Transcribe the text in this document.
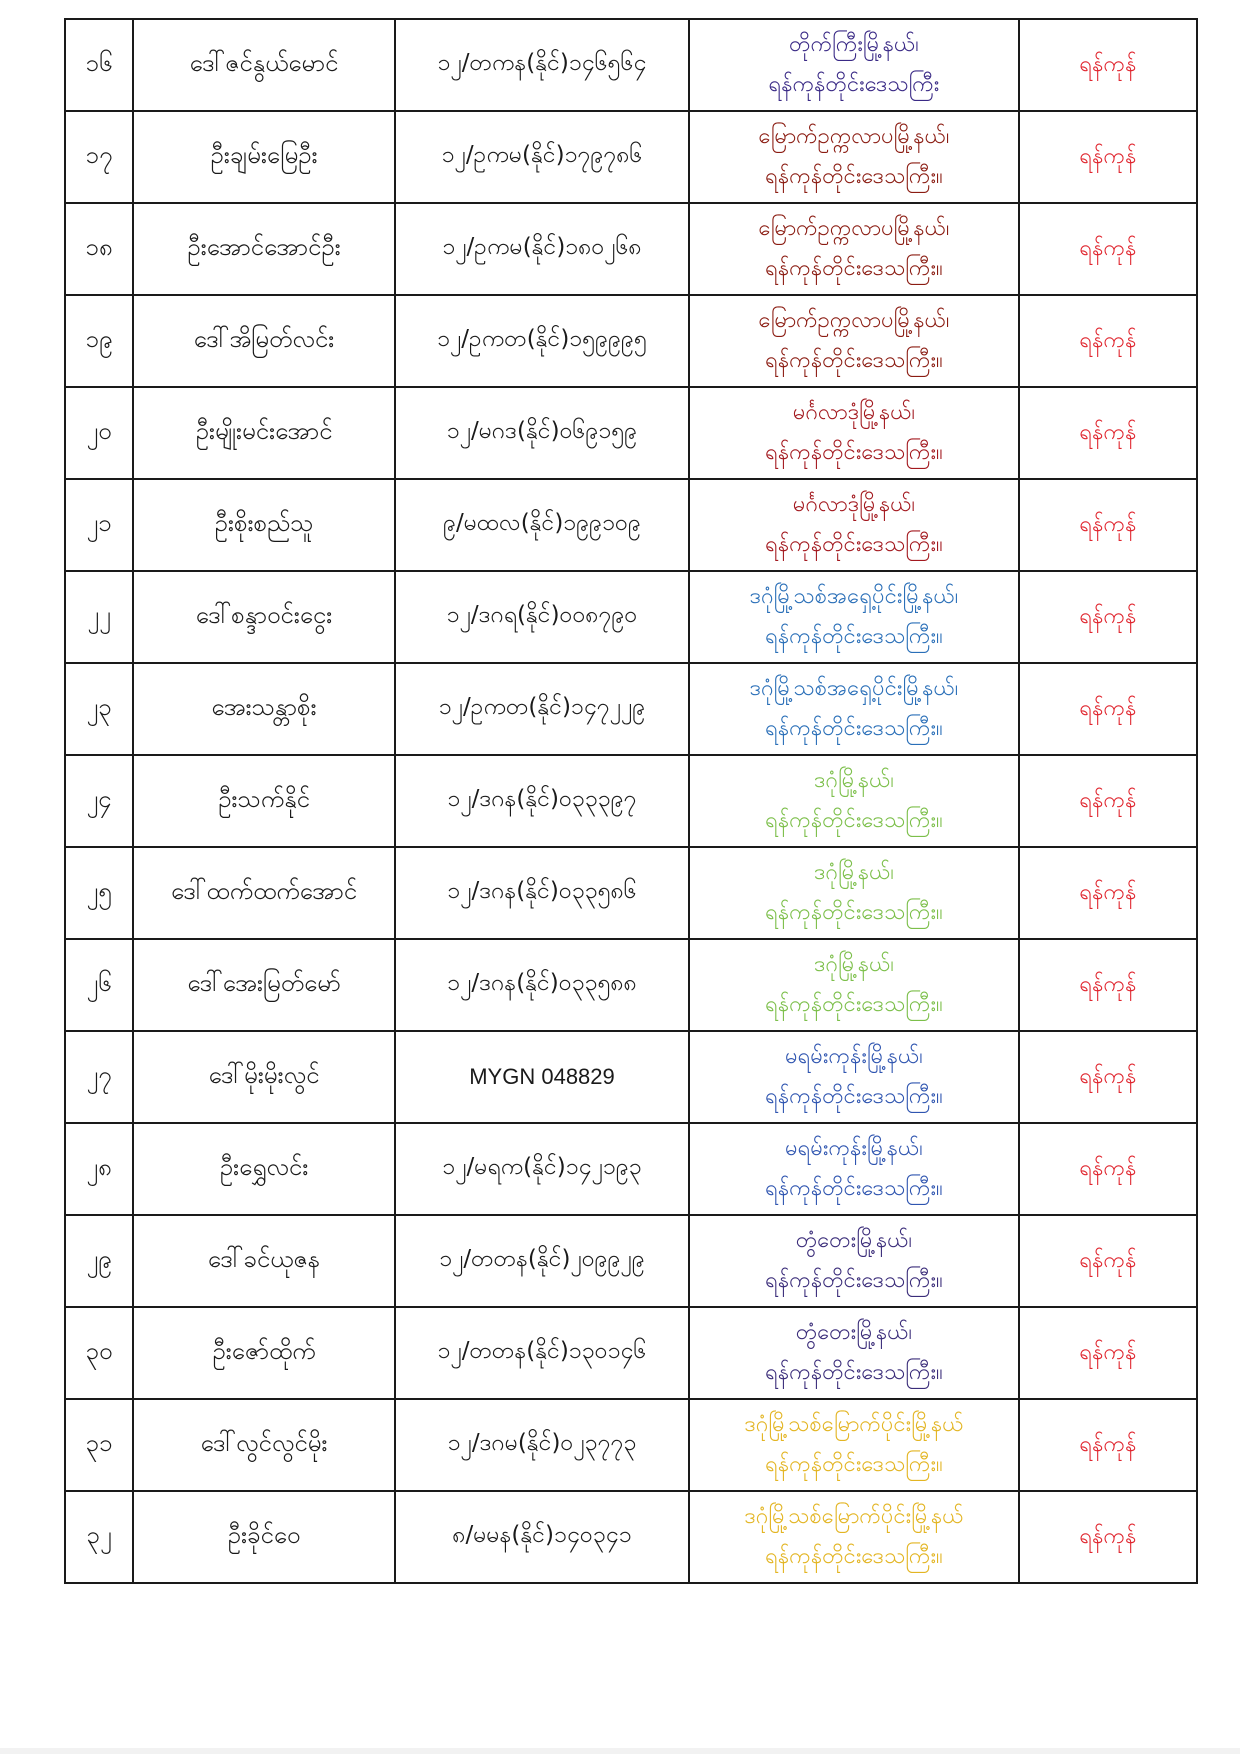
၁၆	ဒေါ်ဇင်နွယ်မောင်	၁၂/တကန(နိုင်)၁၄၆၅၆၄	တိုက်ကြီးမြို့နယ်၊
ရန်ကုန်တိုင်းဒေသကြီး	ရန်ကုန်
၁၇	ဦးချမ်းမြေဦး	၁၂/ဥကမ(နိုင်)၁၇၉၇၈၆	မြောက်ဥက္ကလာပမြို့နယ်၊
ရန်ကုန်တိုင်းဒေသကြီး။	ရန်ကုန်
၁၈	ဦးအောင်အောင်ဦး	၁၂/ဥကမ(နိုင်)၁၈၀၂၆၈	မြောက်ဥက္ကလာပမြို့နယ်၊
ရန်ကုန်တိုင်းဒေသကြီး။	ရန်ကုန်
၁၉	ဒေါ်အိမြတ်လင်း	၁၂/ဥကတ(နိုင်)၁၅၉၉၉၅	မြောက်ဥက္ကလာပမြို့နယ်၊
ရန်ကုန်တိုင်းဒေသကြီး။	ရန်ကုန်
၂၀	ဦးမျိုးမင်းအောင်	၁၂/မဂဒ(နိုင်)၀၆၉၁၅၉	မင်္ဂလာဒုံမြို့နယ်၊
ရန်ကုန်တိုင်းဒေသကြီး။	ရန်ကုန်
၂၁	ဦးစိုးစည်သူ	၉/မထလ(နိုင်)၁၉၉၁၀၉	မင်္ဂလာဒုံမြို့နယ်၊
ရန်ကုန်တိုင်းဒေသကြီး။	ရန်ကုန်
၂၂	ဒေါ်စန္ဒာဝင်းငွေး	၁၂/ဒဂရ(နိုင်)၀၀၈၇၉၀	ဒဂုံမြို့သစ်အရှေ့ပိုင်းမြို့နယ်၊
ရန်ကုန်တိုင်းဒေသကြီး။	ရန်ကုန်
၂၃	အေးသန္တာစိုး	၁၂/ဥကတ(နိုင်)၁၄၇၂၂၉	ဒဂုံမြို့သစ်အရှေ့ပိုင်းမြို့နယ်၊
ရန်ကုန်တိုင်းဒေသကြီး။	ရန်ကုန်
၂၄	ဦးသက်နိုင်	၁၂/ဒဂန(နိုင်)၀၃၃၃၉၇	ဒဂုံမြို့နယ်၊
ရန်ကုန်တိုင်းဒေသကြီး။	ရန်ကုန်
၂၅	ဒေါ်ထက်ထက်အောင်	၁၂/ဒဂန(နိုင်)၀၃၃၅၈၆	ဒဂုံမြို့နယ်၊
ရန်ကုန်တိုင်းဒေသကြီး။	ရန်ကုန်
၂၆	ဒေါ်အေးမြတ်မော်	၁၂/ဒဂန(နိုင်)၀၃၃၅၈၈	ဒဂုံမြို့နယ်၊
ရန်ကုန်တိုင်းဒေသကြီး။	ရန်ကုန်
၂၇	ဒေါ်မိုးမိုးလွင်	MYGN 048829	မရမ်းကုန်းမြို့နယ်၊
ရန်ကုန်တိုင်းဒေသကြီး။	ရန်ကုန်
၂၈	ဦးရွှေလင်း	၁၂/မရက(နိုင်)၁၄၂၁၉၃	မရမ်းကုန်းမြို့နယ်၊
ရန်ကုန်တိုင်းဒေသကြီး။	ရန်ကုန်
၂၉	ဒေါ်ခင်ယုဇန	၁၂/တတန(နိုင်)၂၀၉၉၂၉	တွံတေးမြို့နယ်၊
ရန်ကုန်တိုင်းဒေသကြီး။	ရန်ကုန်
၃၀	ဦးဇော်ထိုက်	၁၂/တတန(နိုင်)၁၃၀၁၄၆	တွံတေးမြို့နယ်၊
ရန်ကုန်တိုင်းဒေသကြီး။	ရန်ကုန်
၃၁	ဒေါ်လွင်လွင်မိုး	၁၂/ဒဂမ(နိုင်)၀၂၃၇၇၃	ဒဂုံမြို့သစ်မြောက်ပိုင်းမြို့နယ်
ရန်ကုန်တိုင်းဒေသကြီး။	ရန်ကုန်
၃၂	ဦးခိုင်ဝေ	၈/မမန(နိုင်)၁၄၀၃၄၁	ဒဂုံမြို့သစ်မြောက်ပိုင်းမြို့နယ်
ရန်ကုန်တိုင်းဒေသကြီး။	ရန်ကုန်
